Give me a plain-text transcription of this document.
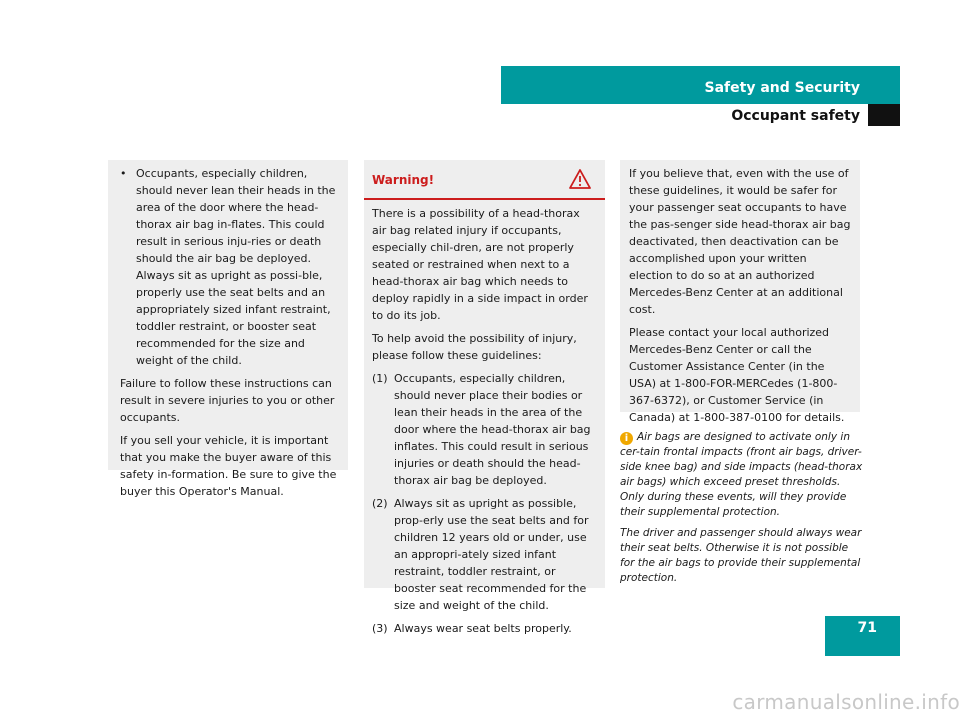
Safety and Security
Occupant safety
• Occupants, especially children, should never lean their heads in the area of the door where the head-thorax air bag in-flates. This could result in serious inju-ries or death should the air bag be deployed. Always sit as upright as possi-ble, properly use the seat belts and an appropriately sized infant restraint, toddler restraint, or booster seat recommended for the size and weight of the child.

Failure to follow these instructions can result in severe injuries to you or other occupants.

If you sell your vehicle, it is important that you make the buyer aware of this safety in-formation. Be sure to give the buyer this Operator's Manual.

Warning!

There is a possibility of a head-thorax air bag related injury if occupants, especially chil-dren, are not properly seated or restrained when next to a head-thorax air bag which needs to deploy rapidly in a side impact in order to do its job.

To help avoid the possibility of injury, please follow these guidelines:

(1) Occupants, especially children, should never place their bodies or lean their heads in the area of the door where the head-thorax air bag inflates. This could result in serious injuries or death should the head-thorax air bag be deployed.
(2) Always sit as upright as possible, prop-erly use the seat belts and for children 12 years old or under, use an appropri-ately sized infant restraint, toddler restraint, or booster seat recommended for the size and weight of the child.
(3) Always wear seat belts properly.

If you believe that, even with the use of these guidelines, it would be safer for your passenger seat occupants to have the pas-senger side head-thorax air bag deactivated, then deactivation can be accomplished upon your written election to do so at an authorized Mercedes-Benz Center at an additional cost.

Please contact your local authorized Mercedes-Benz Center or call the Customer Assistance Center (in the USA) at 1-800-FOR-MERCedes (1-800-367-6372), or Customer Service (in Canada) at 1-800-387-0100 for details.

i Air bags are designed to activate only in cer-tain frontal impacts (front air bags, driver-side knee bag) and side impacts (head-thorax air bags) which exceed preset thresholds. Only during these events, will they provide their supplemental protection.

The driver and passenger should always wear their seat belts. Otherwise it is not possible for the air bags to provide their supplemental protection.

71
carmanualsonline.info
